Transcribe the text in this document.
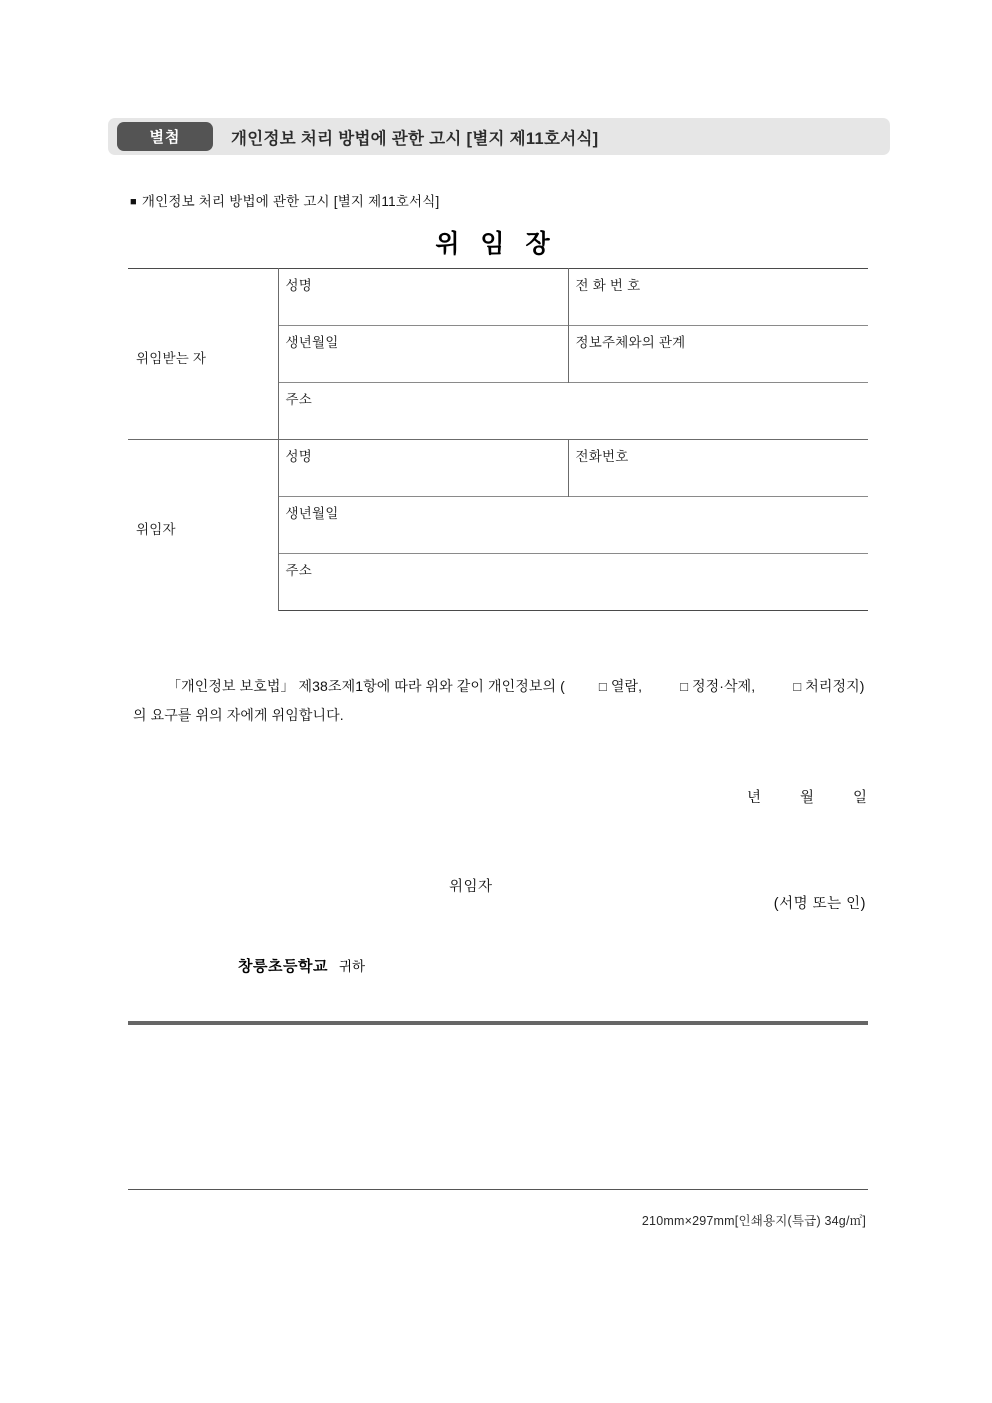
별첨	개인정보 처리 방법에 관한 고시 [별지 제11호서식]
■ 개인정보 처리 방법에 관한 고시 [별지 제11호서식]
위 임 장
위임받는 자	성명	전 화 번 호
	생년월일	정보주체와의 관계
	주소	
위임자	성명	전화번호
	생년월일	
	주소	
「개인정보 보호법」 제38조제1항에 따라 위와 같이 개인정보의 (	□ 열람,	□ 정정·삭제,	□ 처리정지)의 요구를 위의 자에게 위임합니다.
년	월	일
위임자
(서명 또는 인)
창릉초등학교 귀하
210mm×297mm[인쇄용지(특급) 34g/㎡]
